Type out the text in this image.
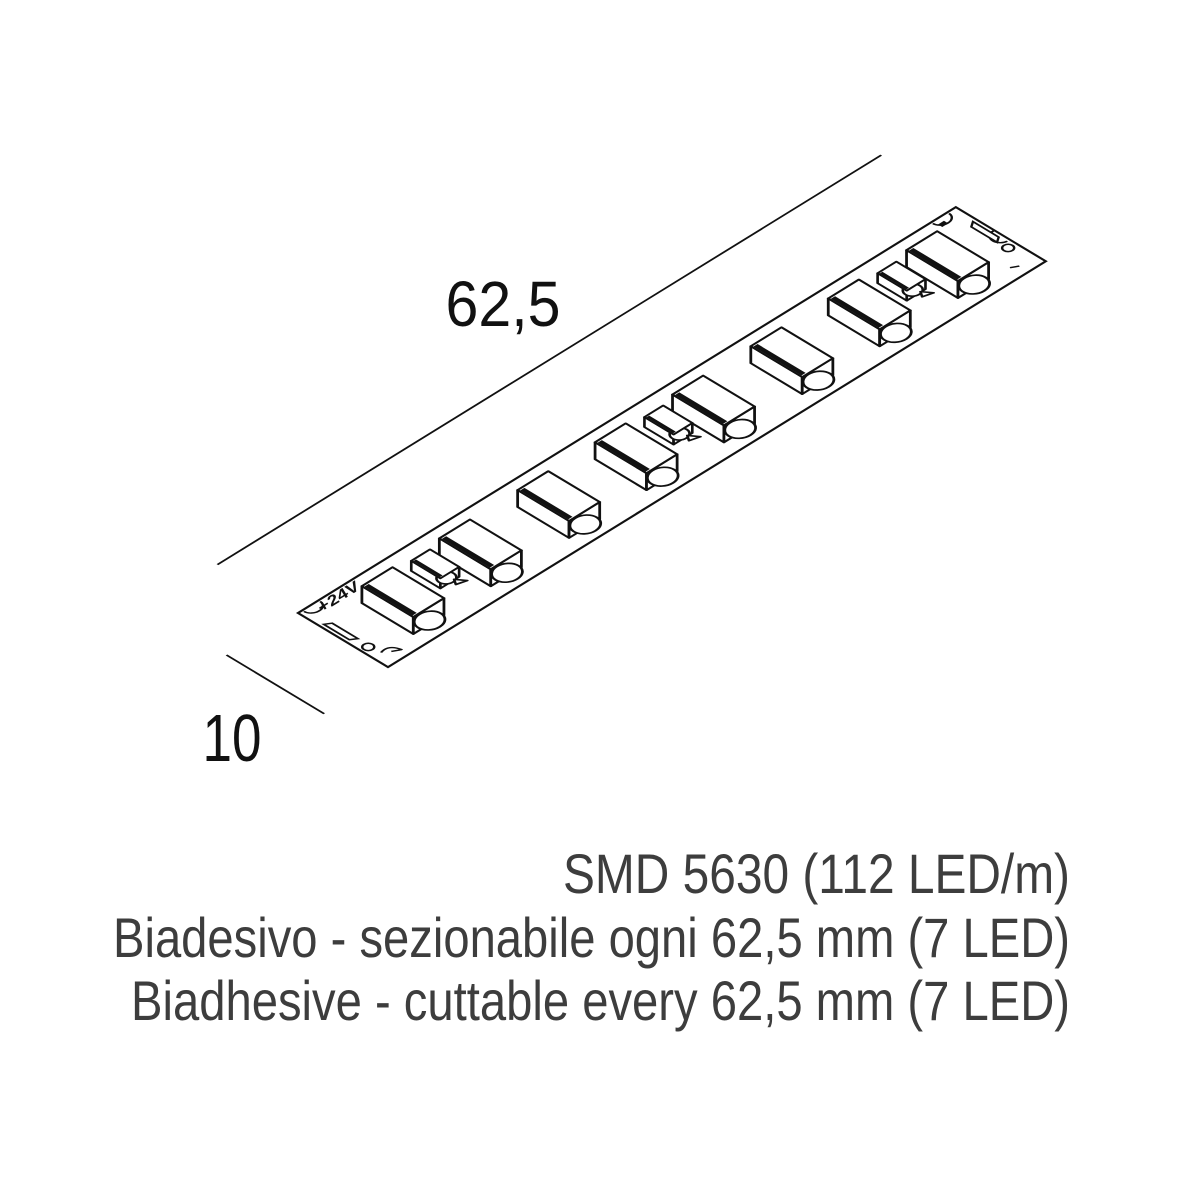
62,5
10
+24V
SMD 5630 (112 LED/m)
Biadesivo - sezionabile ogni 62,5 mm (7 LED)
Biadhesive - cuttable every 62,5 mm (7 LED)
